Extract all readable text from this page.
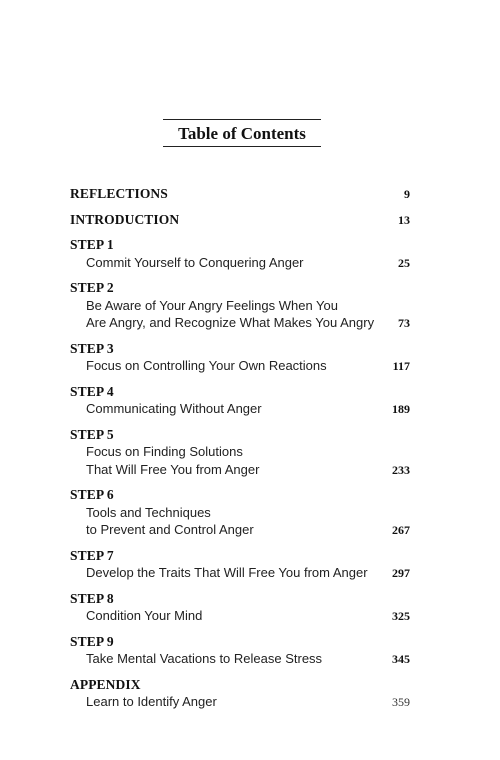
Table of Contents
REFLECTIONS	9
INTRODUCTION	13
STEP 1
Commit Yourself to Conquering Anger	25
STEP 2
Be Aware of Your Angry Feelings When You
Are Angry, and Recognize What Makes You Angry	73
STEP 3
Focus on Controlling Your Own Reactions	117
STEP 4
Communicating Without Anger	189
STEP 5
Focus on Finding Solutions
That Will Free You from Anger	233
STEP 6
Tools and Techniques
to Prevent and Control Anger	267
STEP 7
Develop the Traits That Will Free You from Anger	297
STEP 8
Condition Your Mind	325
STEP 9
Take Mental Vacations to Release Stress	345
APPENDIX
Learn to Identify Anger	359
